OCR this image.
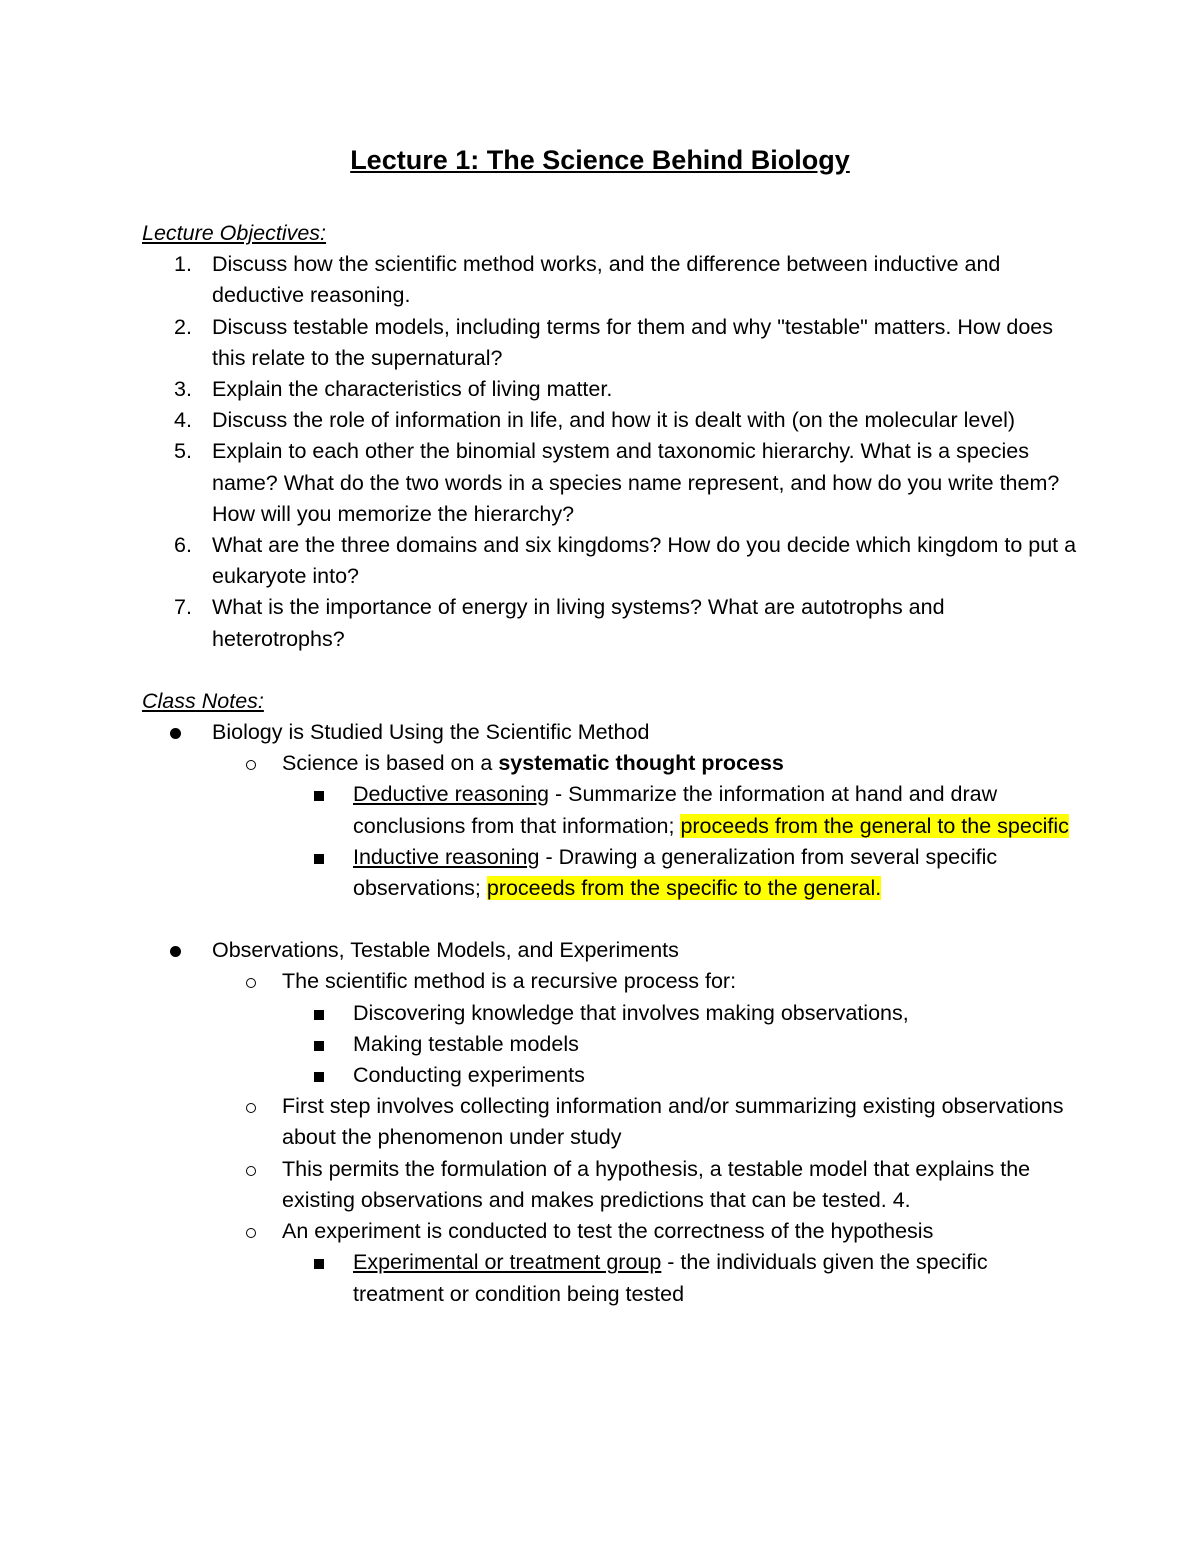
Lecture 1: The Science Behind Biology
Lecture Objectives:
1. Discuss how the scientific method works, and the difference between inductive and deductive reasoning.
2. Discuss testable models, including terms for them and why "testable" matters. How does this relate to the supernatural?
3. Explain the characteristics of living matter.
4. Discuss the role of information in life, and how it is dealt with (on the molecular level)
5. Explain to each other the binomial system and taxonomic hierarchy. What is a species name? What do the two words in a species name represent, and how do you write them? How will you memorize the hierarchy?
6. What are the three domains and six kingdoms? How do you decide which kingdom to put a eukaryote into?
7. What is the importance of energy in living systems? What are autotrophs and heterotrophs?
Class Notes:
Biology is Studied Using the Scientific Method
Science is based on a systematic thought process
Deductive reasoning - Summarize the information at hand and draw conclusions from that information; proceeds from the general to the specific
Inductive reasoning - Drawing a generalization from several specific observations; proceeds from the specific to the general.
Observations, Testable Models, and Experiments
The scientific method is a recursive process for:
Discovering knowledge that involves making observations,
Making testable models
Conducting experiments
First step involves collecting information and/or summarizing existing observations about the phenomenon under study
This permits the formulation of a hypothesis, a testable model that explains the existing observations and makes predictions that can be tested. 4.
An experiment is conducted to test the correctness of the hypothesis
Experimental or treatment group - the individuals given the specific treatment or condition being tested
